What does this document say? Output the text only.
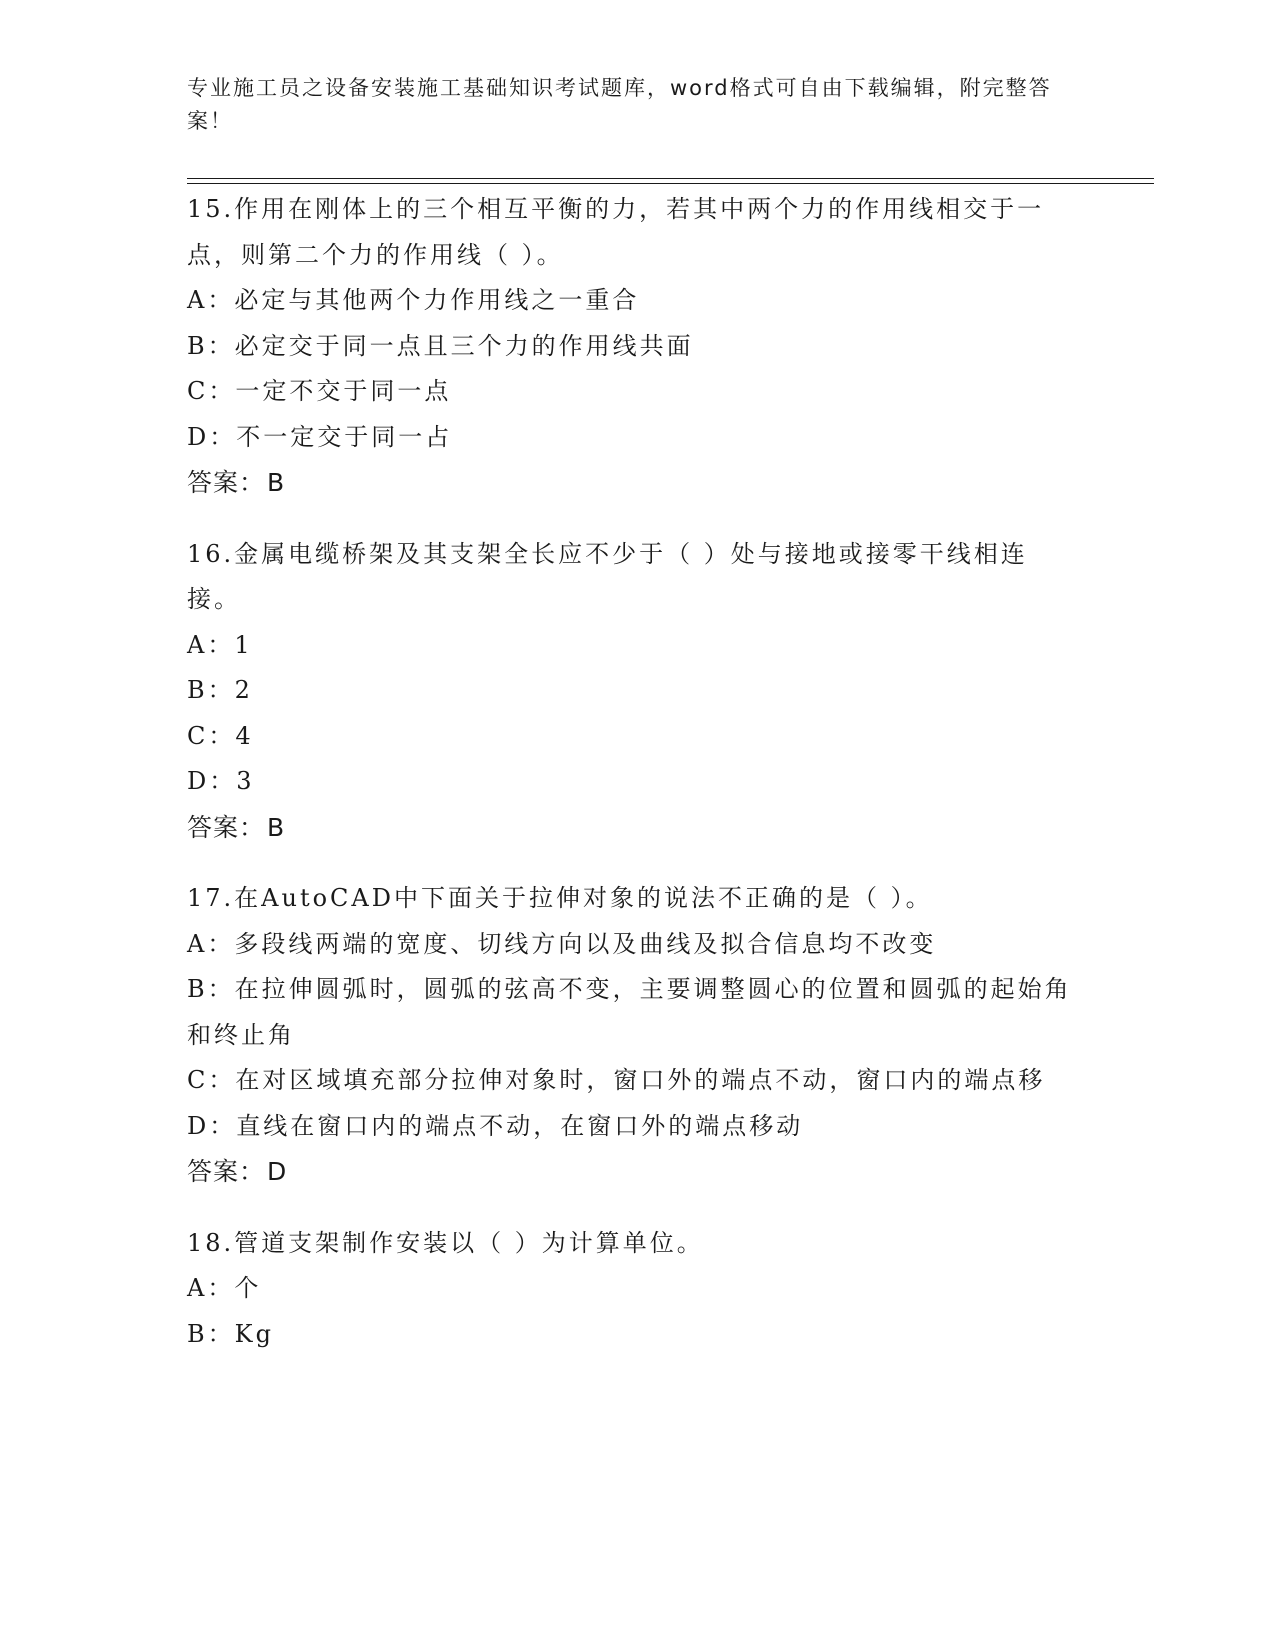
专业施工员之设备安装施工基础知识考试题库，word格式可自由下载编辑，附完整答案！
15.作用在刚体上的三个相互平衡的力，若其中两个力的作用线相交于一点，则第二个力的作用线（ ）。
A：必定与其他两个力作用线之一重合
B：必定交于同一点且三个力的作用线共面
C：一定不交于同一点
D：不一定交于同一占
答案：B
16.金属电缆桥架及其支架全长应不少于（ ）处与接地或接零干线相连接。
A：1
B：2
C：4
D：3
答案：B
17.在AutoCAD中下面关于拉伸对象的说法不正确的是（ ）。
A：多段线两端的宽度、切线方向以及曲线及拟合信息均不改变
B：在拉伸圆弧时，圆弧的弦高不变，主要调整圆心的位置和圆弧的起始角和终止角
C：在对区域填充部分拉伸对象时，窗口外的端点不动，窗口内的端点移
D：直线在窗口内的端点不动，在窗口外的端点移动
答案：D
18.管道支架制作安装以（ ）为计算单位。
A：个
B：Kg
